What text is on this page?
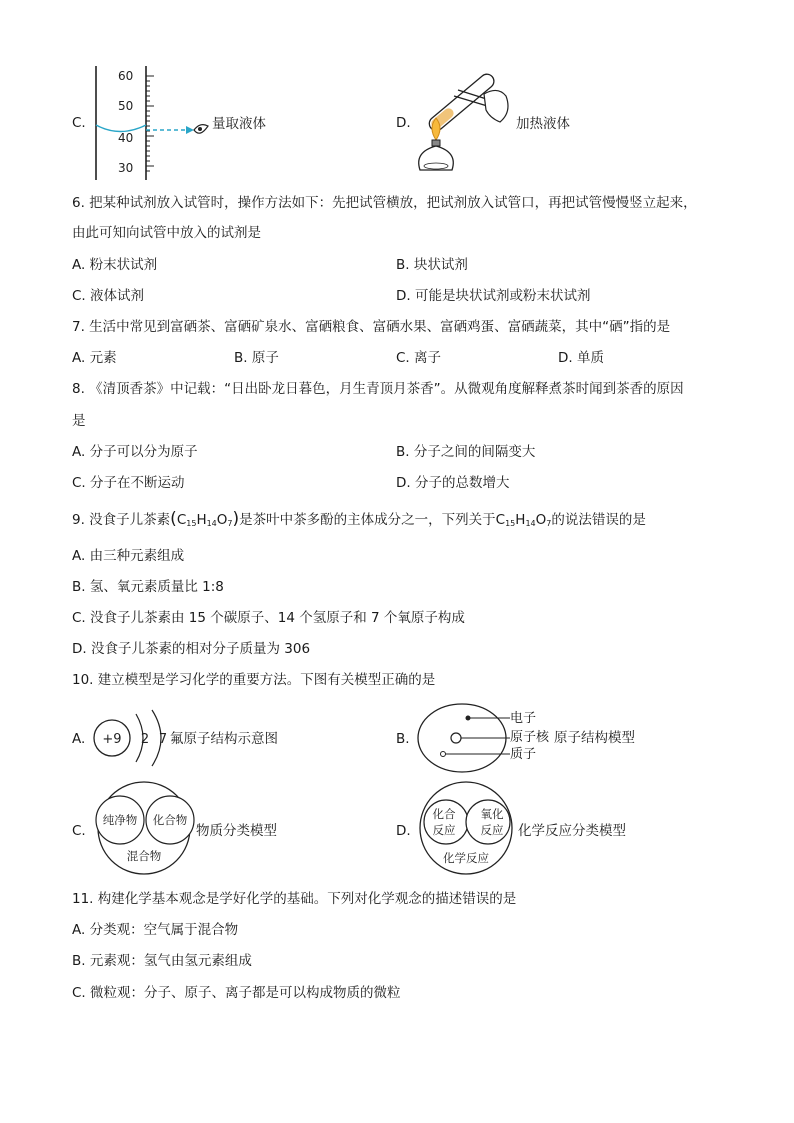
C.
60
50
40
30
量取液体	D.	加热液体
6. 把某种试剂放入试管时，操作方法如下：先把试管横放，把试剂放入试管口，再把试管慢慢竖立起来，
由此可知向试管中放入的试剂是
A. 粉末状试剂	B. 块状试剂
C. 液体试剂	D. 可能是块状试剂或粉末状试剂
7. 生活中常见到富硒茶、富硒矿泉水、富硒粮食、富硒水果、富硒鸡蛋、富硒蔬菜，其中“硒”指的是
A. 元素	B. 原子	C. 离子	D. 单质
8. 《清顶香茶》中记载：“日出卧龙日暮色，月生青顶月茶香”。从微观角度解释煮茶时闻到茶香的原因
是
A. 分子可以分为原子	B. 分子之间的间隔变大
C. 分子在不断运动	D. 分子的总数增大
9. 没食子儿茶素$(C_{15}H_{14}O_7)$是茶叶中茶多酚的主体成分之一，下列关于$C_{15}H_{14}O_7$的说法错误的是
A. 由三种元素组成
B. 氢、氧元素质量比 1:8
C. 没食子儿茶素由 15 个碳原子、14 个氢原子和 7 个氧原子构成
D. 没食子儿茶素的相对分子质量为 306
10. 建立模型是学习化学的重要方法。下图有关模型正确的是
A. +9 2 7 氟原子结构示意图	B.
电子
原子核 原子结构模型
质子
C.
纯净物 化合物
混合物
物质分类模型	D.
化合
反应
氧化
反应
化学反应
化学反应分类模型
11. 构建化学基本观念是学好化学的基础。下列对化学观念的描述错误的是
A. 分类观：空气属于混合物
B. 元素观：氢气由氢元素组成
C. 微粒观：分子、原子、离子都是可以构成物质的微粒
